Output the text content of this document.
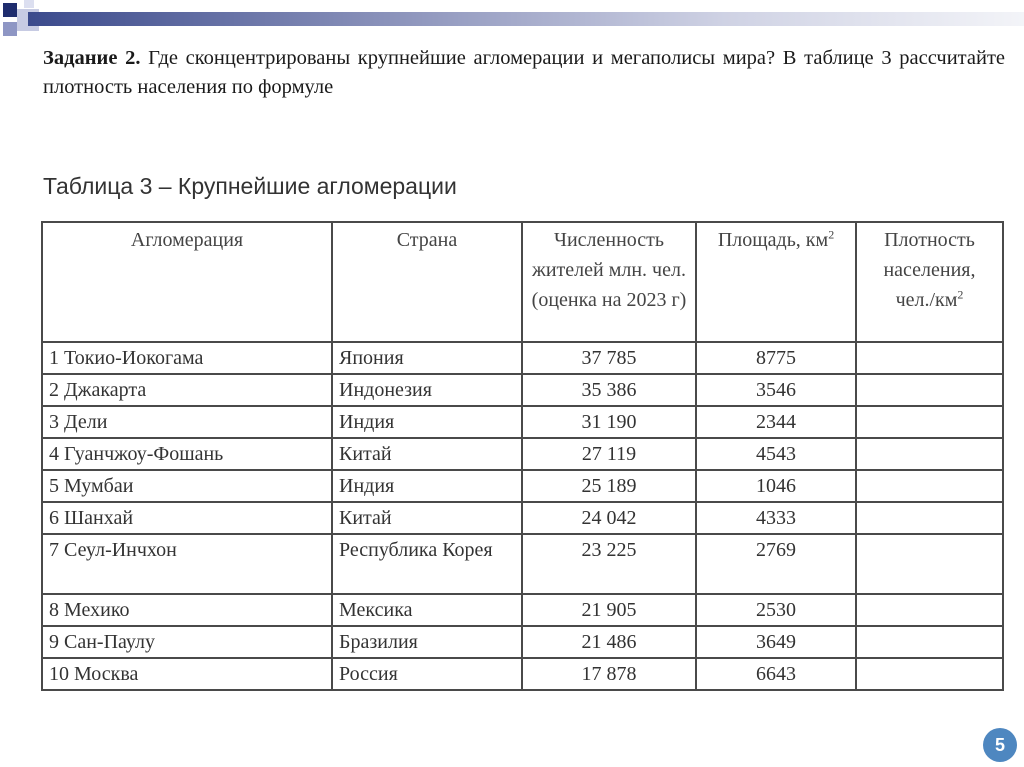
Задание 2. Где сконцентрированы крупнейшие агломерации и мегаполисы мира? В таблице 3 рассчитайте плотность населения по формуле
Таблица 3 – Крупнейшие агломерации
Агломерация	Страна	Численность жителей млн. чел. (оценка на 2023 г)	Площадь, $км^2$	Плотность населения, $чел./км^2$
1 Токио-Иокогама	Япония	37 785	8775	
2 Джакарта	Индонезия	35 386	3546	
3 Дели	Индия	31 190	2344	
4 Гуанчжоу-Фошань	Китай	27 119	4543	
5 Мумбаи	Индия	25 189	1046	
6 Шанхай	Китай	24 042	4333	
7 Сеул-Инчхон	Республика Корея	23 225	2769	
8 Мехико	Мексика	21 905	2530	
9 Сан-Паулу	Бразилия	21 486	3649	
10 Москва	Россия	17 878	6643	
5
